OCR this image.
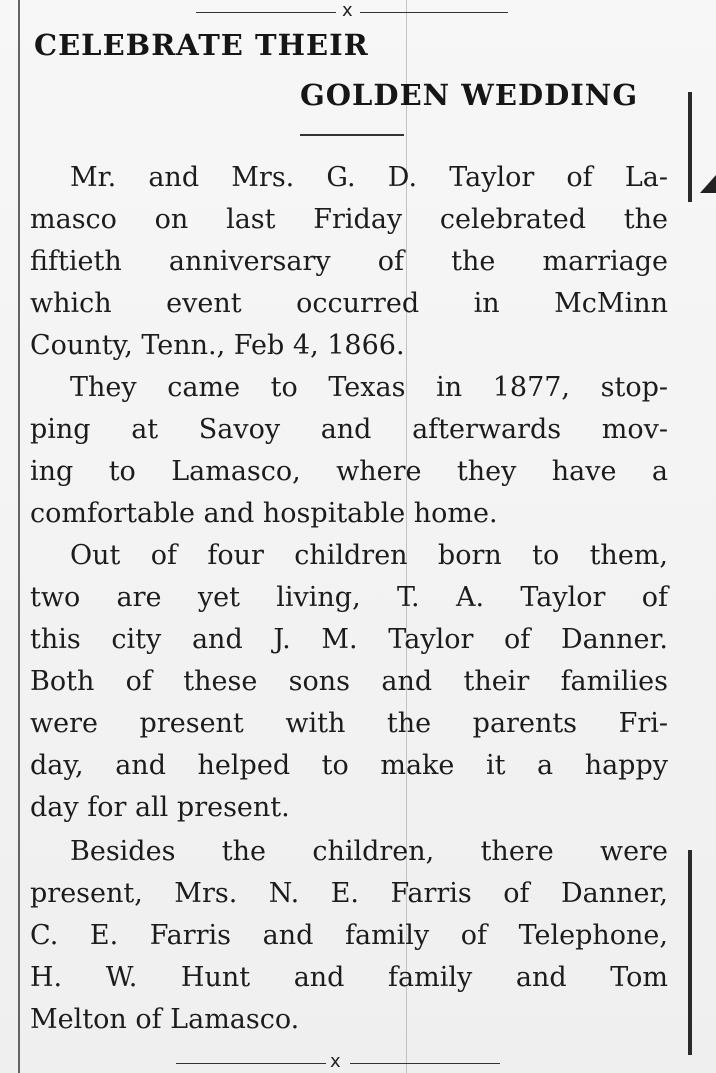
x
CELEBRATE THEIR
GOLDEN WEDDING
Mr. and Mrs. G. D. Taylor of La-
masco on last Friday celebrated the
fiftieth anniversary of the marriage
which event occurred in McMinn
County, Tenn., Feb 4, 1866.
They came to Texas in 1877, stop-
ping at Savoy and afterwards mov-
ing to Lamasco, where they have a
comfortable and hospitable home.
Out of four children born to them,
two are yet living, T. A. Taylor of
this city and J. M. Taylor of Danner.
Both of these sons and their families
were present with the parents Fri-
day, and helped to make it a happy
day for all present.
Besides the children, there were
present, Mrs. N. E. Farris of Danner,
C. E. Farris and family of Telephone,
H. W. Hunt and family and Tom
Melton of Lamasco.
x
